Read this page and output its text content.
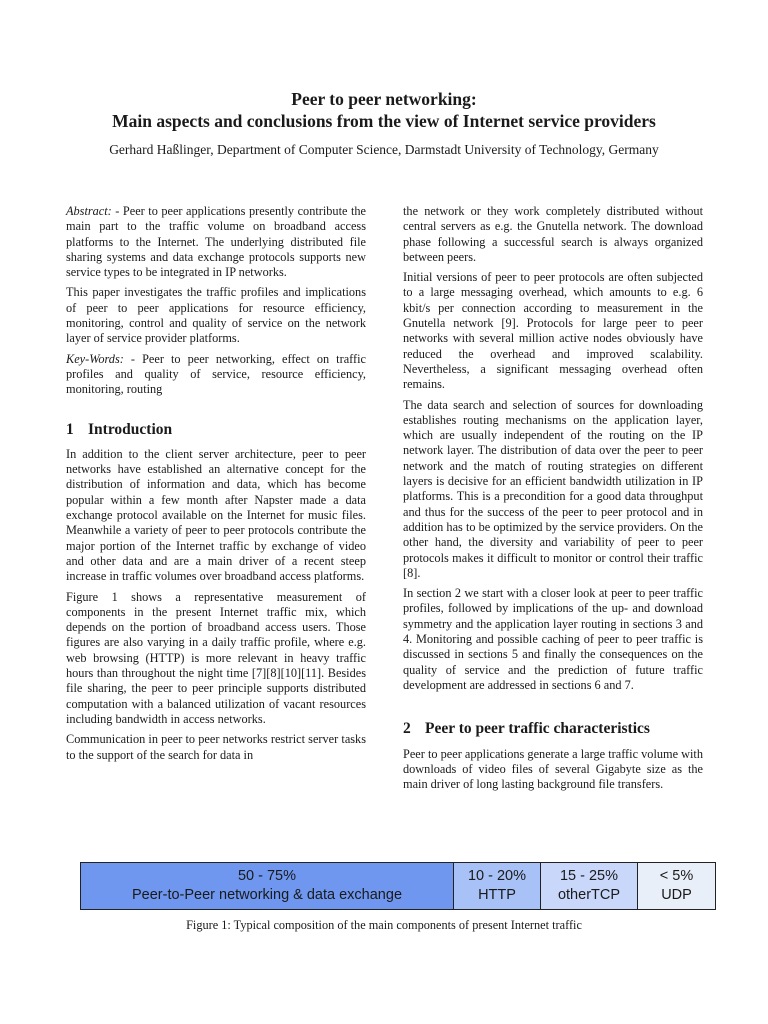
Peer to peer networking:
Main aspects and conclusions from the view of Internet service providers
Gerhard Haßlinger, Department of Computer Science, Darmstadt University of Technology, Germany

Abstract: - Peer to peer applications presently contribute the main part to the traffic volume on broadband access platforms to the Internet. The underlying distributed file sharing systems and data exchange protocols supports new service types to be integrated in IP networks.

This paper investigates the traffic profiles and implications of peer to peer applications for resource efficiency, monitoring, control and quality of service on the network layer of service provider platforms.

Key-Words: - Peer to peer networking, effect on traffic profiles and quality of service, resource efficiency, monitoring, routing

1 Introduction

In addition to the client server architecture, peer to peer networks have established an alternative concept for the distribution of information and data, which has become popular within a few month after Napster made a data exchange protocol available on the Internet for music files. Meanwhile a variety of peer to peer protocols contribute the major portion of the Internet traffic by exchange of video and other data and are a main driver of a recent steep increase in traffic volumes over broadband access platforms.

Figure 1 shows a representative measurement of components in the present Internet traffic mix, which depends on the portion of broadband access users. Those figures are also varying in a daily traffic profile, where e.g. web browsing (HTTP) is more relevant in heavy traffic hours than throughout the night time [7][8][10][11]. Besides file sharing, the peer to peer principle supports distributed computation with a balanced utilization of vacant resources including bandwidth in access networks.

Communication in peer to peer networks restrict server tasks to the support of the search for data in

the network or they work completely distributed without central servers as e.g. the Gnutella network. The download phase following a successful search is always organized between peers.

Initial versions of peer to peer protocols are often subjected to a large messaging overhead, which amounts to e.g. 6 kbit/s per connection according to measurement in the Gnutella network [9]. Protocols for large peer to peer networks with several million active nodes obviously have reduced the overhead and improved scalability. Nevertheless, a significant messaging overhead often remains.

The data search and selection of sources for downloading establishes routing mechanisms on the application layer, which are usually independent of the routing on the IP network layer. The distribution of data over the peer to peer network and the match of routing strategies on different layers is decisive for an efficient bandwidth utilization in IP platforms. This is a precondition for a good data throughput and thus for the success of the peer to peer protocol and in addition has to be optimized by the service providers. On the other hand, the diversity and variability of peer to peer protocols makes it difficult to monitor or control their traffic [8].

In section 2 we start with a closer look at peer to peer traffic profiles, followed by implications of the up- and download symmetry and the application layer routing in sections 3 and 4. Monitoring and possible caching of peer to peer traffic is discussed in sections 5 and finally the consequences on the quality of service and the prediction of future traffic development are addressed in sections 6 and 7.

2 Peer to peer traffic characteristics

Peer to peer applications generate a large traffic volume with downloads of video files of several Gigabyte size as the main driver of long lasting background file transfers.

50 - 75%
Peer-to-Peer networking & data exchange
10 - 20%
HTTP
15 - 25%
otherTCP
< 5%
UDP
Figure 1: Typical composition of the main components of present Internet traffic
